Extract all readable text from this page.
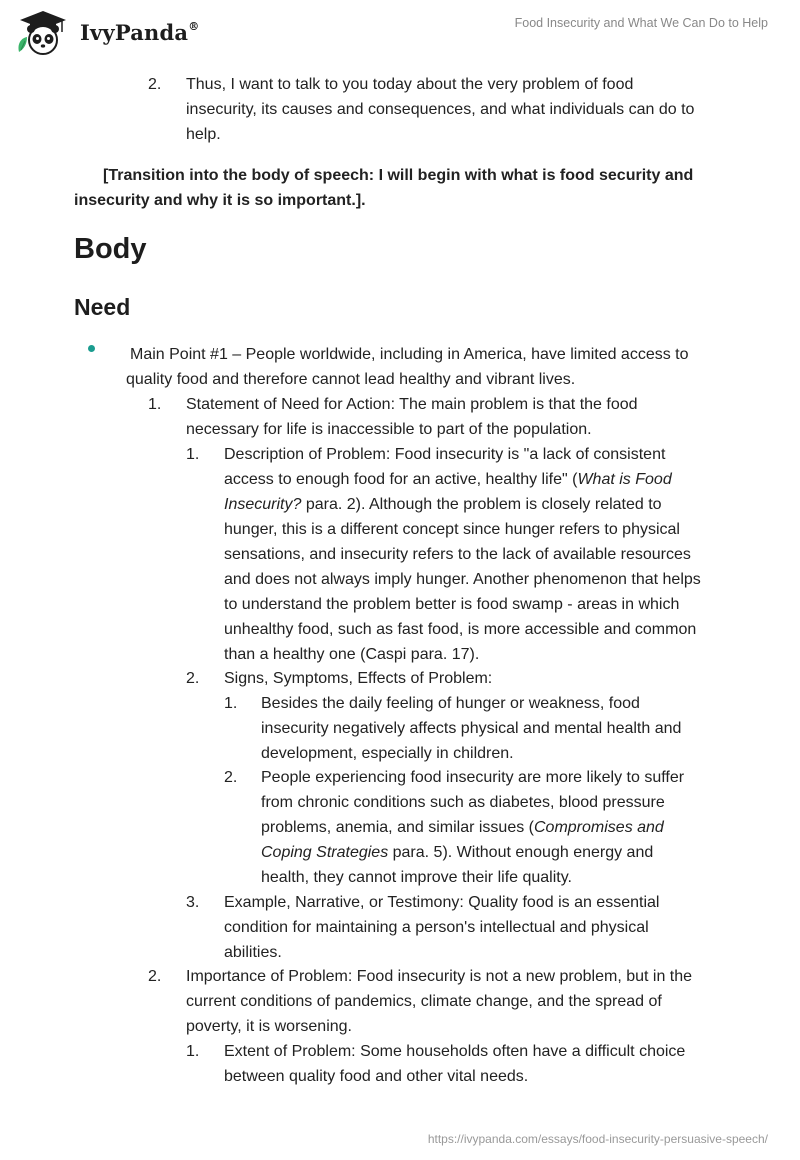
IvyPanda®	Food Insecurity and What We Can Do to Help
2. Thus, I want to talk to you today about the very problem of food
insecurity, its causes and consequences, and what individuals can do to
help.
[Transition into the body of speech: I will begin with what is food security and
insecurity and why it is so important.].
Body
Need
Main Point #1 – People worldwide, including in America, have limited access to
quality food and therefore cannot lead healthy and vibrant lives.
1. Statement of Need for Action: The main problem is that the food
necessary for life is inaccessible to part of the population.
1. Description of Problem: Food insecurity is "a lack of consistent
access to enough food for an active, healthy life" (What is Food
Insecurity? para. 2). Although the problem is closely related to
hunger, this is a different concept since hunger refers to physical
sensations, and insecurity refers to the lack of available resources
and does not always imply hunger. Another phenomenon that helps
to understand the problem better is food swamp - areas in which
unhealthy food, such as fast food, is more accessible and common
than a healthy one (Caspi para. 17).
2. Signs, Symptoms, Effects of Problem:
1. Besides the daily feeling of hunger or weakness, food
insecurity negatively affects physical and mental health and
development, especially in children.
2. People experiencing food insecurity are more likely to suffer
from chronic conditions such as diabetes, blood pressure
problems, anemia, and similar issues (Compromises and
Coping Strategies para. 5). Without enough energy and
health, they cannot improve their life quality.
3. Example, Narrative, or Testimony: Quality food is an essential
condition for maintaining a person's intellectual and physical
abilities.
2. Importance of Problem: Food insecurity is not a new problem, but in the
current conditions of pandemics, climate change, and the spread of
poverty, it is worsening.
1. Extent of Problem: Some households often have a difficult choice
between quality food and other vital needs.
https://ivypanda.com/essays/food-insecurity-persuasive-speech/
